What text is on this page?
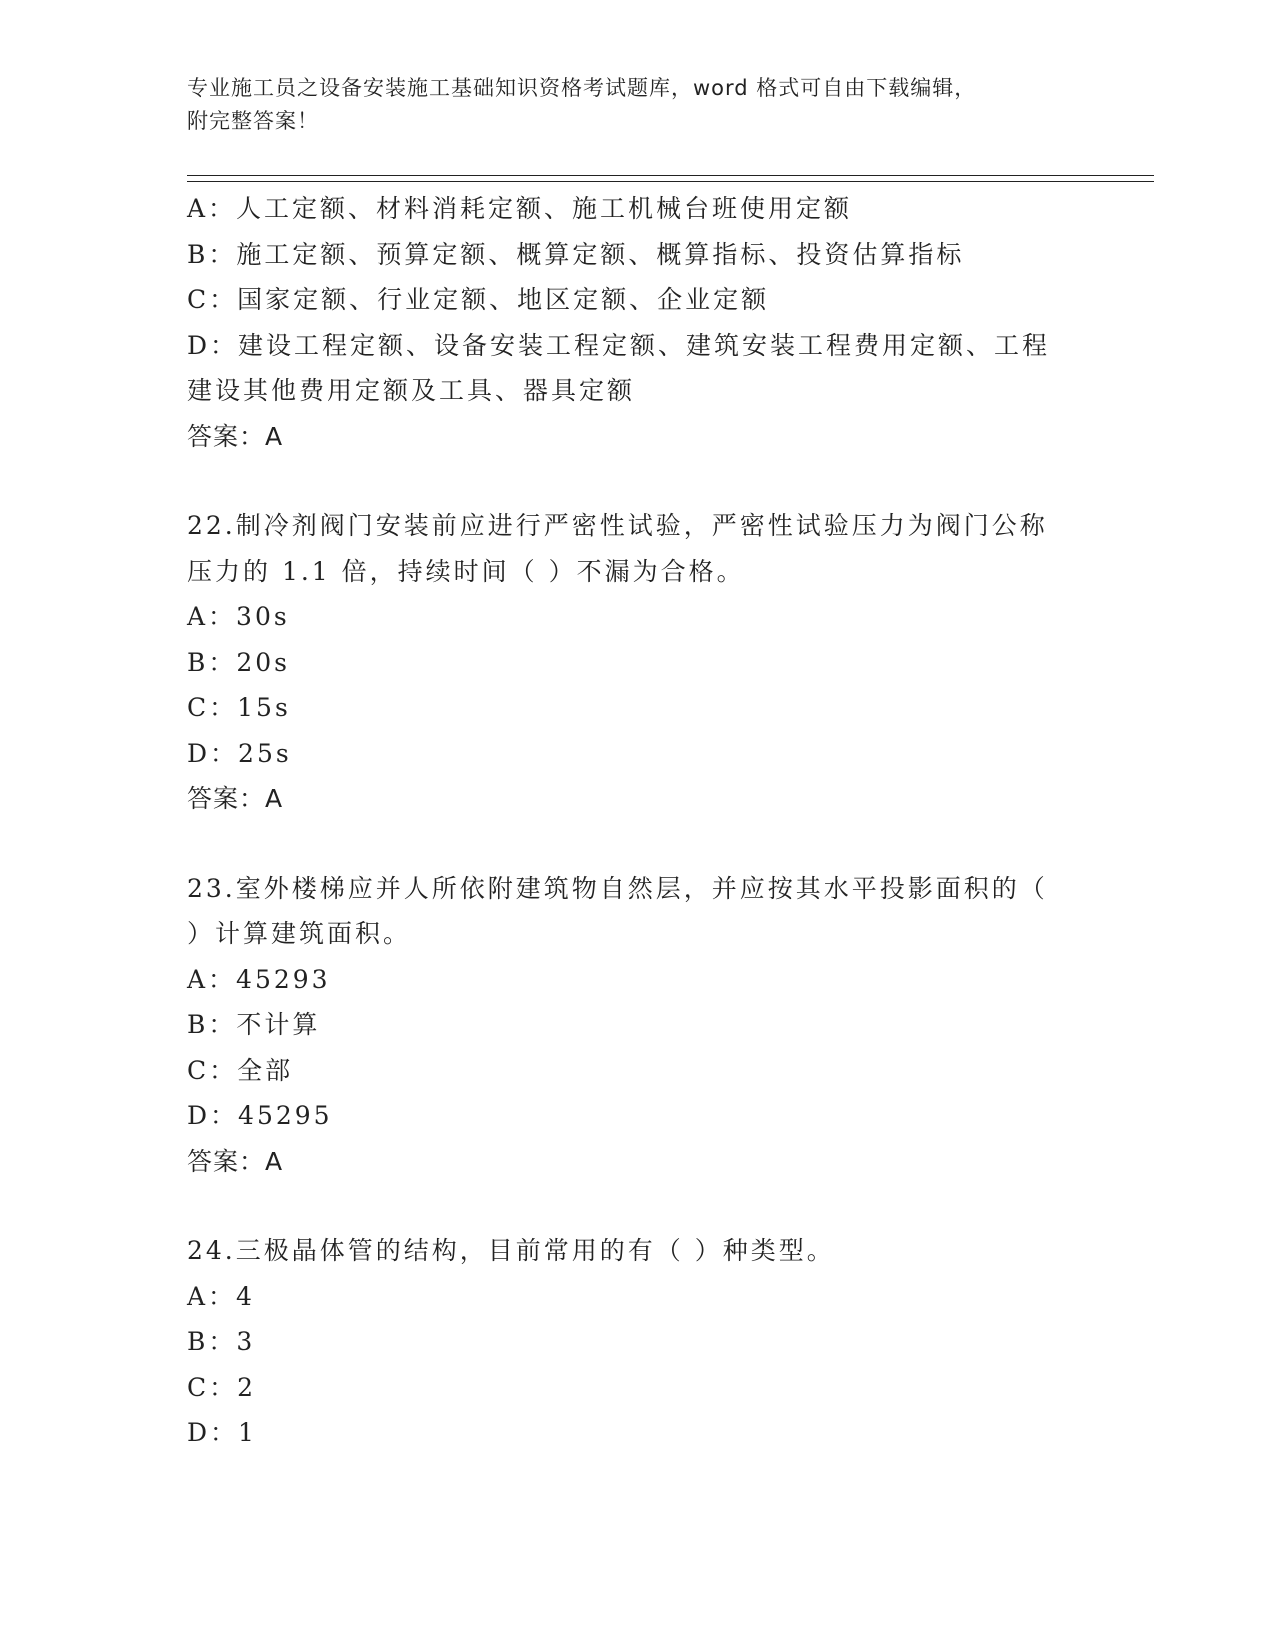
专业施工员之设备安装施工基础知识资格考试题库，word 格式可自由下载编辑，
附完整答案！
A：人工定额、材料消耗定额、施工机械台班使用定额
B：施工定额、预算定额、概算定额、概算指标、投资估算指标
C：国家定额、行业定额、地区定额、企业定额
D：建设工程定额、设备安装工程定额、建筑安装工程费用定额、工程
建设其他费用定额及工具、器具定额
答案：A
22.制冷剂阀门安装前应进行严密性试验，严密性试验压力为阀门公称
压力的 1.1 倍，持续时间（ ）不漏为合格。
A：30s
B：20s
C：15s
D：25s
答案：A
23.室外楼梯应并人所依附建筑物自然层，并应按其水平投影面积的（
）计算建筑面积。
A：45293
B：不计算
C：全部
D：45295
答案：A
24.三极晶体管的结构，目前常用的有（ ）种类型。
A：4
B：3
C：2
D：1
